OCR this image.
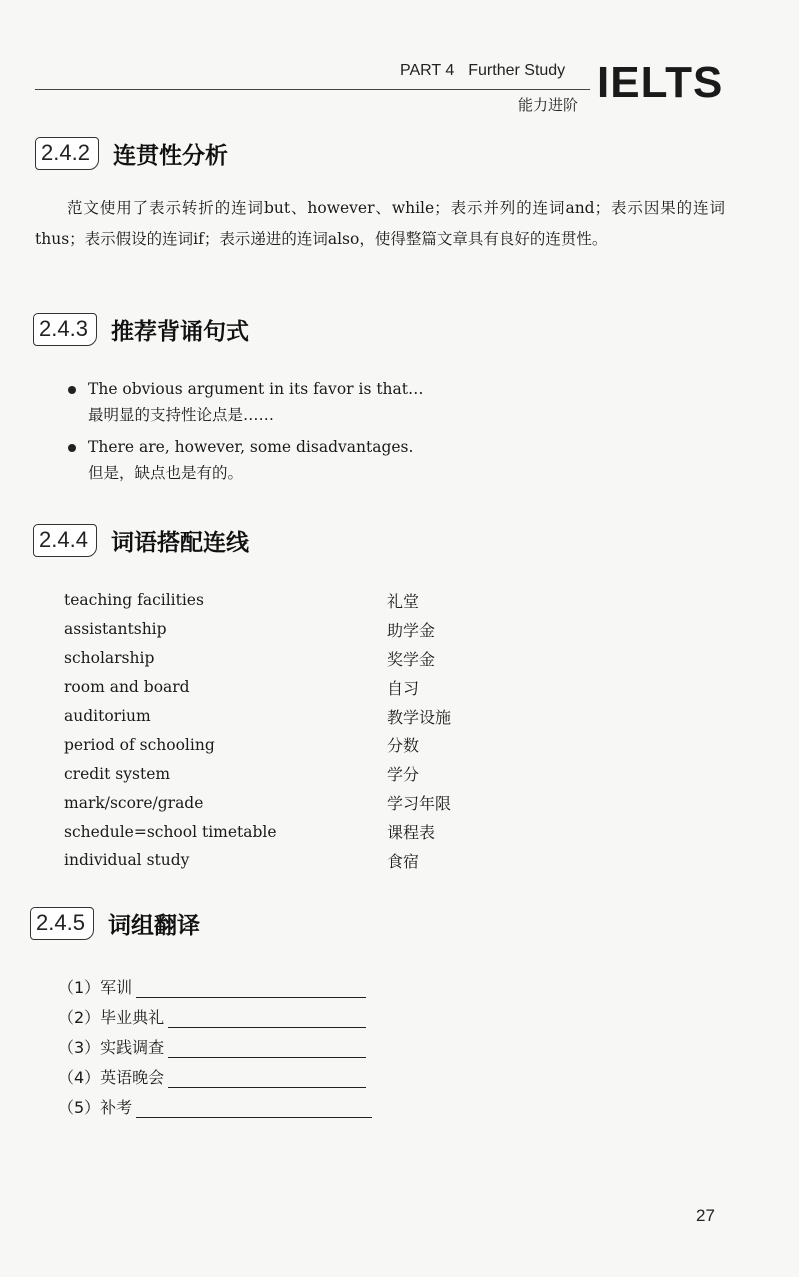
PART 4 Further Study
能力进阶 IELTS
2.4.2	连贯性分析

范文使用了表示转折的连词but、however、while；表示并列的连词and；表示因果的连词thus；表示假设的连词if；表示递进的连词also，使得整篇文章具有良好的连贯性。

2.4.3	推荐背诵句式
The obvious argument in its favor is that…
最明显的支持性论点是……
There are, however, some disadvantages.
但是，缺点也是有的。
2.4.4	词语搭配连线
teaching facilities	礼堂
assistantship	助学金
scholarship	奖学金
room and board	自习
auditorium	教学设施
period of schooling	分数
credit system	学分
mark/score/grade	学习年限
schedule=school timetable	课程表
individual study	食宿
2.4.5	词组翻译
（1）军训
（2）毕业典礼
（3）实践调查
（4）英语晚会
（5）补考
27
